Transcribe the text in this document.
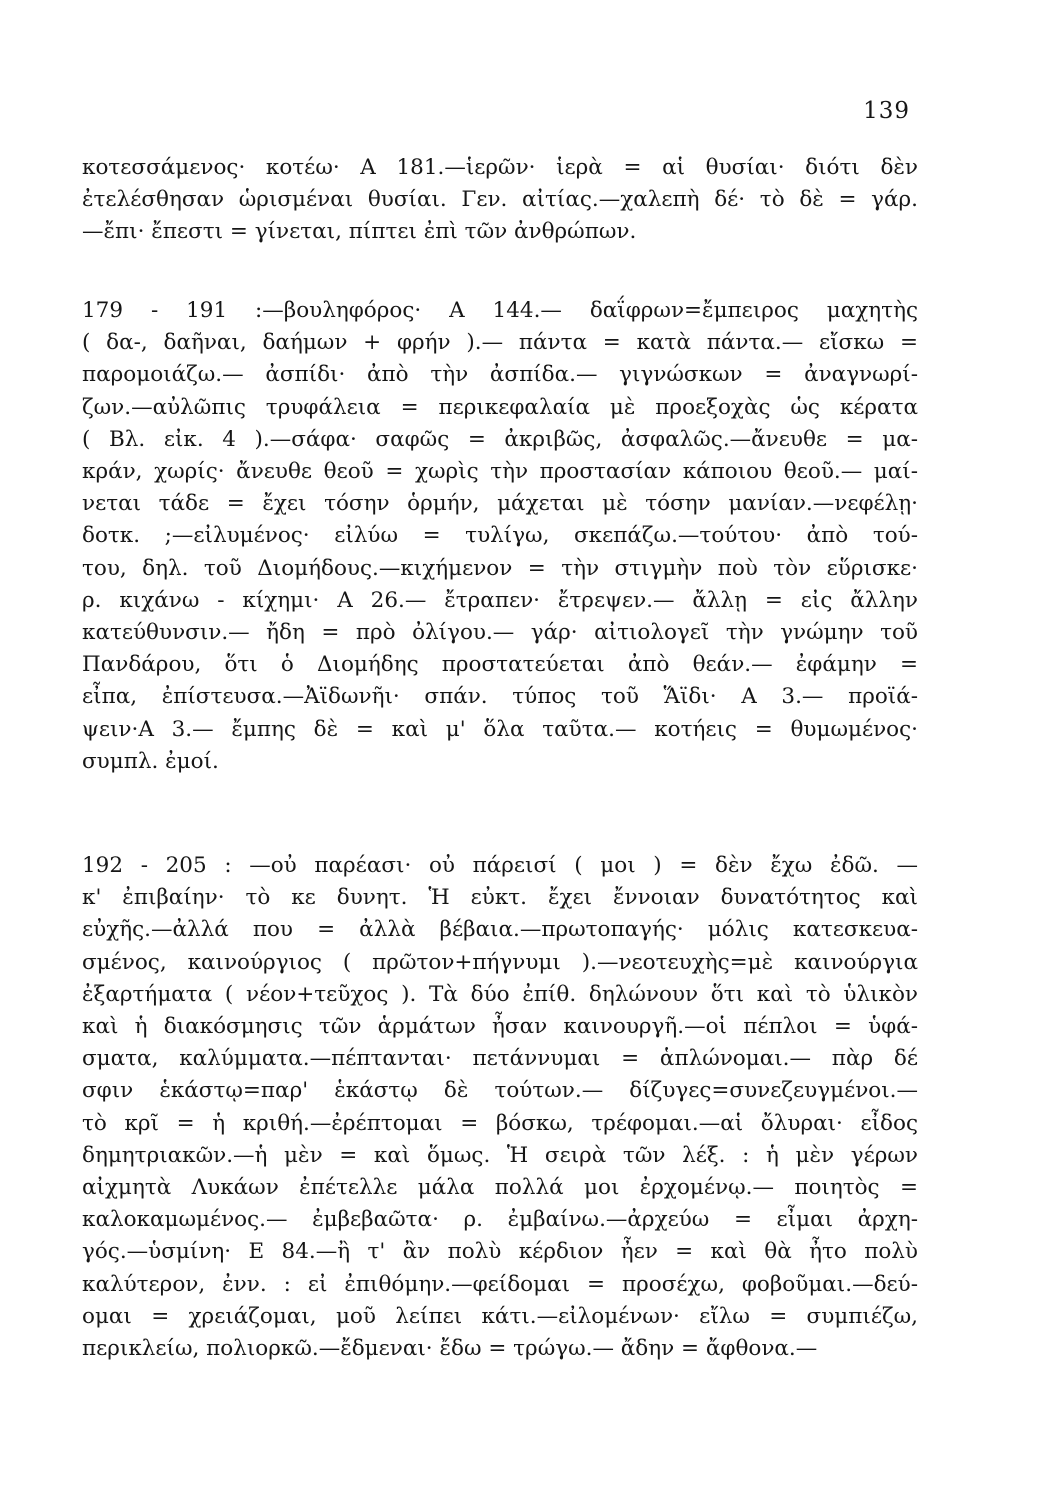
139
κοτεσσάμενος· κοτέω· Α 181.—ἱερῶν· ἱερὰ = αἱ θυσίαι· διότι δὲν
ἐτελέσθησαν ὡρισμέναι θυσίαι. Γεν. αἰτίας.—χαλεπὴ δέ· τὸ δὲ = γάρ.
—ἔπι· ἔπεστι = γίνεται, πίπτει ἐπὶ τῶν ἀνθρώπων.
179 - 191 :—βουληφόρος· Α 144.— δαΐφρων=ἔμπειρος μαχητὴς
( δα-, δαῆναι, δαήμων + φρήν ).— πάντα = κατὰ πάντα.— εἴσκω =
παρομοιάζω.— ἀσπίδι· ἀπὸ τὴν ἀσπίδα.— γιγνώσκων = ἀναγνωρί-
ζων.—αὐλῶπις τρυφάλεια = περικεφαλαία μὲ προεξοχὰς ὡς κέρατα
( Βλ. εἰκ. 4 ).—σάφα· σαφῶς = ἀκριβῶς, ἀσφαλῶς.—ἄνευθε = μα-
κράν, χωρίς· ἄνευθε θεοῦ = χωρὶς τὴν προστασίαν κάποιου θεοῦ.— μαί-
νεται τάδε = ἔχει τόσην ὁρμήν, μάχεται μὲ τόσην μανίαν.—νεφέλῃ·
δοτκ. ;—εἰλυμένος· εἰλύω = τυλίγω, σκεπάζω.—τούτου· ἀπὸ τού-
του, δηλ. τοῦ Διομήδους.—κιχήμενον = τὴν στιγμὴν ποὺ τὸν εὕρισκε·
ρ. κιχάνω - κίχημι· Α 26.— ἔτραπεν· ἔτρεψεν.— ἄλλῃ = εἰς ἄλλην
κατεύθυνσιν.— ἤδη = πρὸ ὀλίγου.— γάρ· αἰτιολογεῖ τὴν γνώμην τοῦ
Πανδάρου, ὅτι ὁ Διομήδης προστατεύεται ἀπὸ θεάν.— ἐφάμην =
εἶπα, ἐπίστευσα.—Ἀϊδωνῆι· σπάν. τύπος τοῦ Ἅϊδι· Α 3.— προϊά-
ψειν·Α 3.— ἔμπης δὲ = καὶ μ' ὅλα ταῦτα.— κοτήεις = θυμωμένος·
συμπλ. ἐμοί.
192 - 205 : —οὐ παρέασι· οὐ πάρεισί ( μοι ) = δὲν ἔχω ἐδῶ. —
κ' ἐπιβαίην· τὸ κε δυνητ. Ἡ εὐκτ. ἔχει ἔννοιαν δυνατότητος καὶ
εὐχῆς.—ἀλλά που = ἀλλὰ βέβαια.—πρωτοπαγής· μόλις κατεσκευα-
σμένος, καινούργιος ( πρῶτον+πήγνυμι ).—νεοτευχὴς=μὲ καινούργια
ἐξαρτήματα ( νέον+τεῦχος ). Τὰ δύο ἐπίθ. δηλώνουν ὅτι καὶ τὸ ὑλικὸν
καὶ ἡ διακόσμησις τῶν ἁρμάτων ἦσαν καινουργῆ.—οἱ πέπλοι = ὑφά-
σματα, καλύμματα.—πέπτανται· πετάννυμαι = ἁπλώνομαι.— πὰρ δέ
σφιν ἑκάστῳ=παρ' ἑκάστῳ δὲ τούτων.— δίζυγες=συνεζευγμένοι.—
τὸ κρῖ = ἡ κριθή.—ἐρέπτομαι = βόσκω, τρέφομαι.—αἱ ὄλυραι· εἶδος
δημητριακῶν.—ἡ μὲν = καὶ ὅμως. Ἡ σειρὰ τῶν λέξ. : ἡ μὲν γέρων
αἰχμητὰ Λυκάων ἐπέτελλε μάλα πολλά μοι ἐρχομένῳ.— ποιητὸς =
καλοκαμωμένος.— ἐμβεβαῶτα· ρ. ἐμβαίνω.—ἀρχεύω = εἶμαι ἀρχη-
γός.—ὑσμίνη· Ε 84.—ἢ τ' ἂν πολὺ κέρδιον ἦεν = καὶ θὰ ἦτο πολὺ
καλύτερον, ἐνν. : εἰ ἐπιθόμην.—φείδομαι = προσέχω, φοβοῦμαι.—δεύ-
ομαι = χρειάζομαι, μοῦ λείπει κάτι.—εἰλομένων· εἴλω = συμπιέζω,
περικλείω, πολιορκῶ.—ἔδμεναι· ἔδω = τρώγω.— ἄδην = ἄφθονα.—
